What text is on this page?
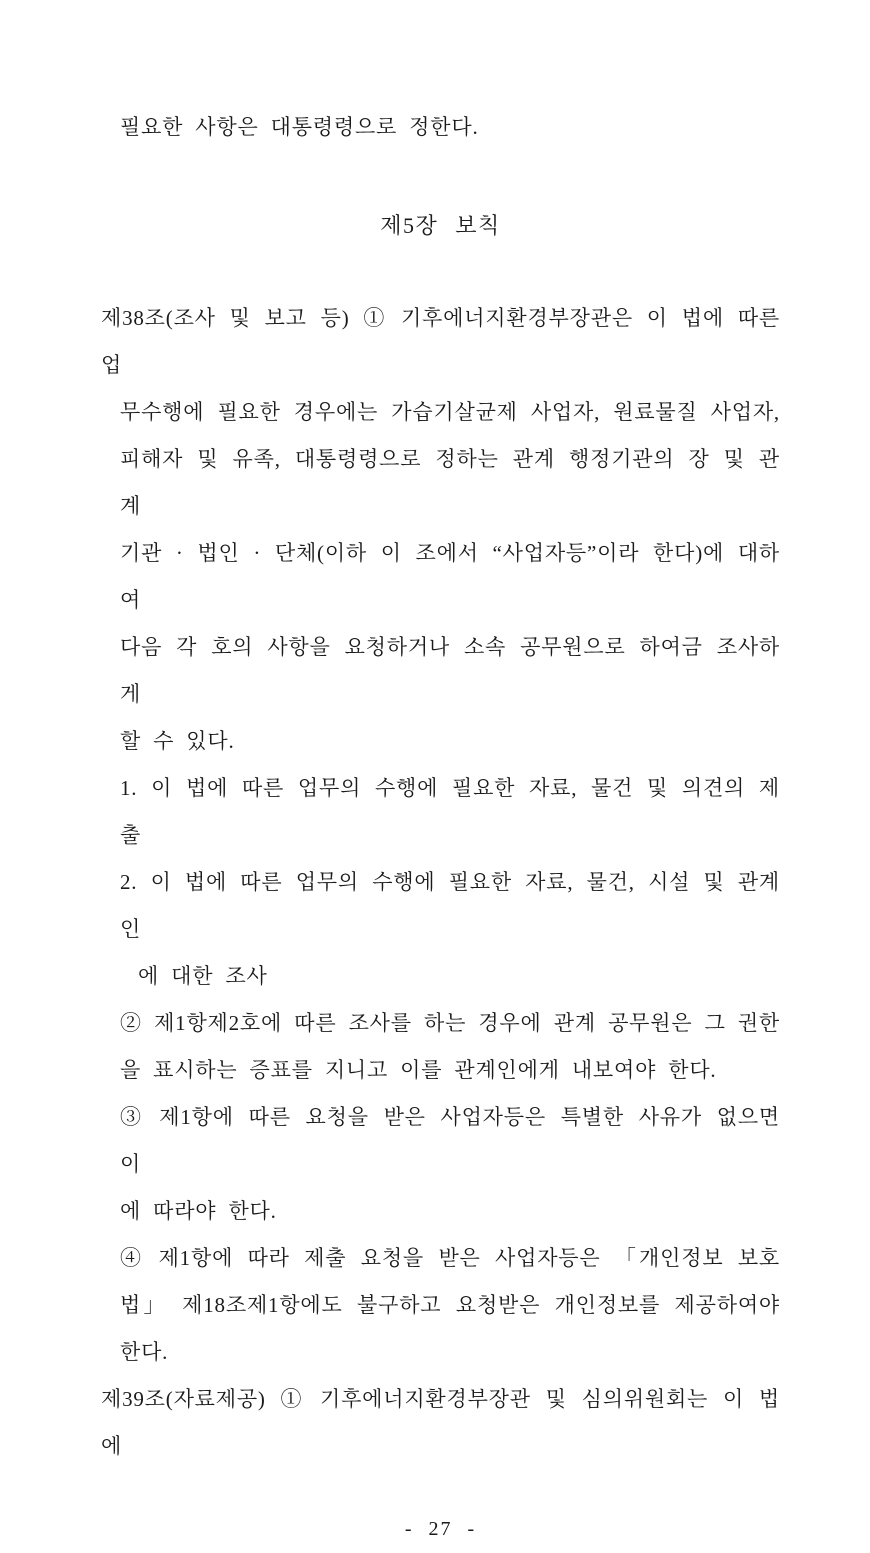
필요한 사항은 대통령령으로 정한다.
제5장 보칙
제38조(조사 및 보고 등) ① 기후에너지환경부장관은 이 법에 따른 업
무수행에 필요한 경우에는 가습기살균제 사업자, 원료물질 사업자,
피해자 및 유족, 대통령령으로 정하는 관계 행정기관의 장 및 관계
기관 · 법인 · 단체(이하 이 조에서 “사업자등”이라 한다)에 대하여
다음 각 호의 사항을 요청하거나 소속 공무원으로 하여금 조사하게
할 수 있다.
1. 이 법에 따른 업무의 수행에 필요한 자료, 물건 및 의견의 제출
2. 이 법에 따른 업무의 수행에 필요한 자료, 물건, 시설 및 관계인
에 대한 조사
② 제1항제2호에 따른 조사를 하는 경우에 관계 공무원은 그 권한
을 표시하는 증표를 지니고 이를 관계인에게 내보여야 한다.
③ 제1항에 따른 요청을 받은 사업자등은 특별한 사유가 없으면 이
에 따라야 한다.
④ 제1항에 따라 제출 요청을 받은 사업자등은 「개인정보 보호
법」 제18조제1항에도 불구하고 요청받은 개인정보를 제공하여야
한다.
제39조(자료제공) ① 기후에너지환경부장관 및 심의위원회는 이 법에
- 27 -
